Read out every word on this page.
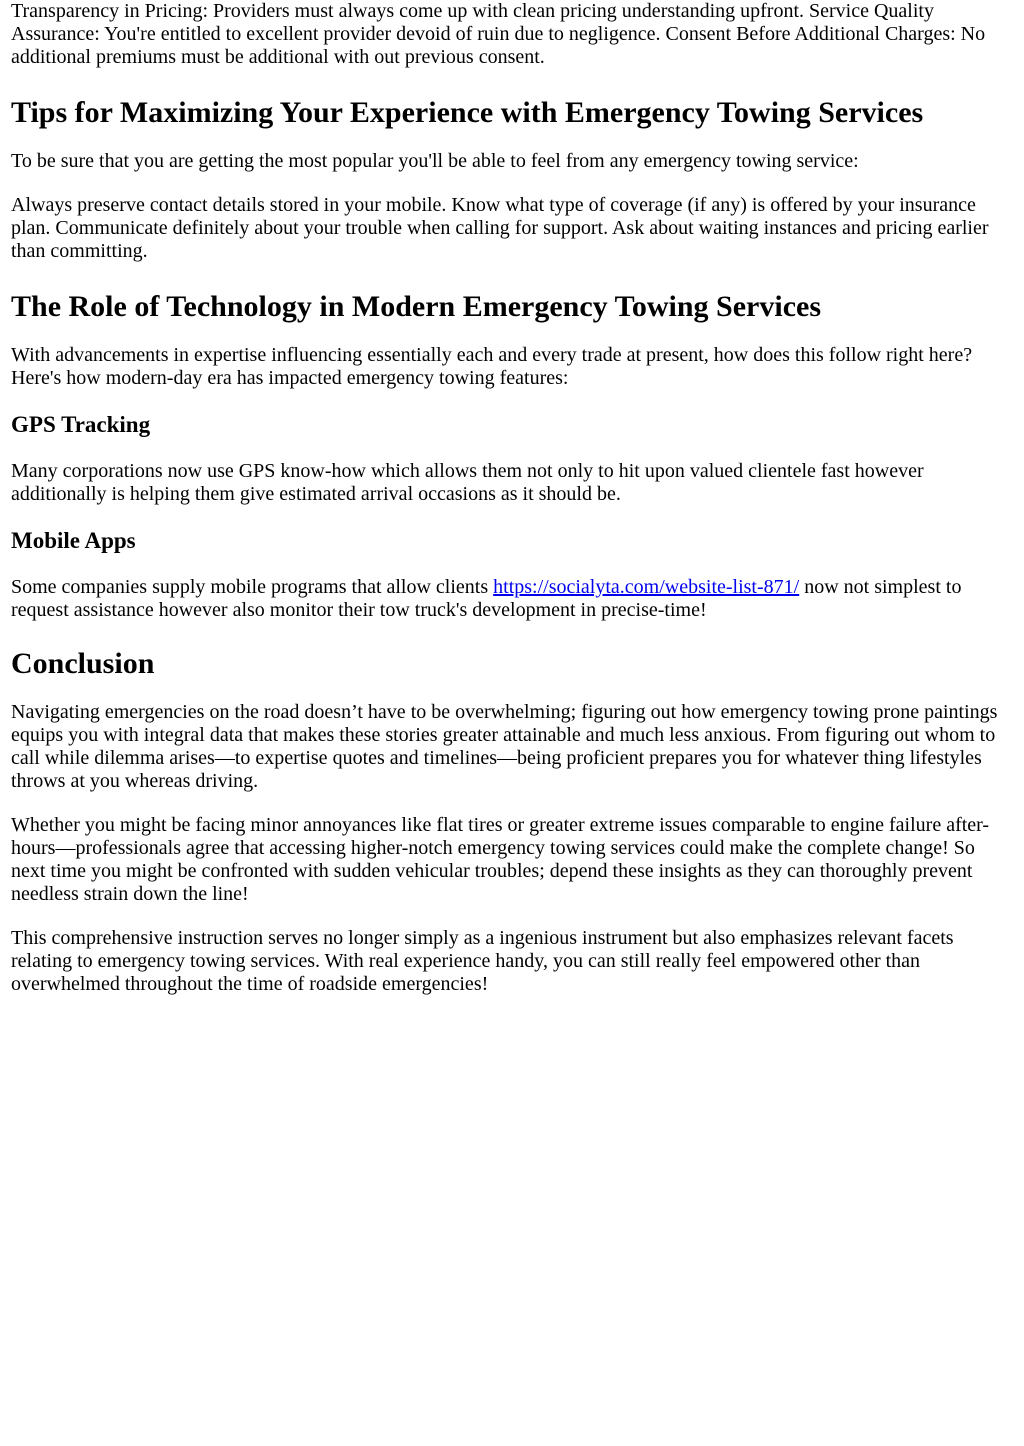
Transparency in Pricing: Providers must always come up with clean pricing understanding upfront. Service Quality Assurance: You're entitled to excellent provider devoid of ruin due to negligence. Consent Before Additional Charges: No additional premiums must be additional with out previous consent.

Tips for Maximizing Your Experience with Emergency Towing Services

To be sure that you are getting the most popular you'll be able to feel from any emergency towing service:

Always preserve contact details stored in your mobile. Know what type of coverage (if any) is offered by your insurance plan. Communicate definitely about your trouble when calling for support. Ask about waiting instances and pricing earlier than committing.

The Role of Technology in Modern Emergency Towing Services

With advancements in expertise influencing essentially each and every trade at present, how does this follow right here? Here's how modern-day era has impacted emergency towing features:

GPS Tracking

Many corporations now use GPS know-how which allows them not only to hit upon valued clientele fast however additionally is helping them give estimated arrival occasions as it should be.

Mobile Apps

Some companies supply mobile programs that allow clients https://socialyta.com/website-list-871/ now not simplest to request assistance however also monitor their tow truck's development in precise-time!

Conclusion

Navigating emergencies on the road doesn’t have to be overwhelming; figuring out how emergency towing prone paintings equips you with integral data that makes these stories greater attainable and much less anxious. From figuring out whom to call while dilemma arises—to expertise quotes and timelines—being proficient prepares you for whatever thing lifestyles throws at you whereas driving.

Whether you might be facing minor annoyances like flat tires or greater extreme issues comparable to engine failure after-hours—professionals agree that accessing higher-notch emergency towing services could make the complete change! So next time you might be confronted with sudden vehicular troubles; depend these insights as they can thoroughly prevent needless strain down the line!

This comprehensive instruction serves no longer simply as a ingenious instrument but also emphasizes relevant facets relating to emergency towing services. With real experience handy, you can still really feel empowered other than overwhelmed throughout the time of roadside emergencies!
